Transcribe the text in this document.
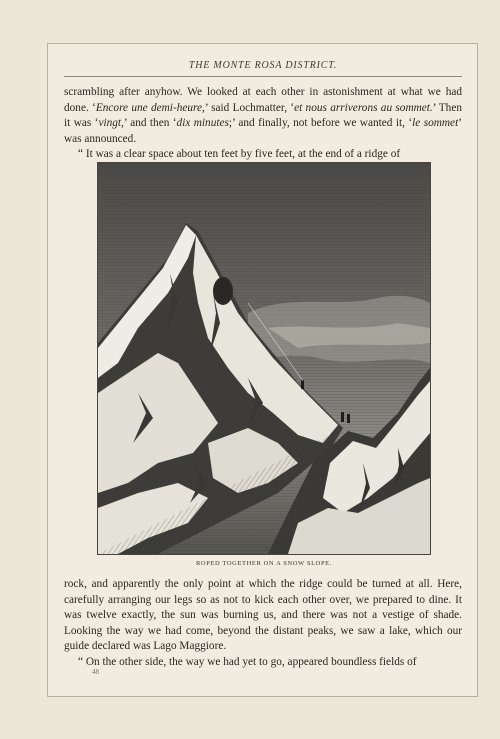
THE MONTE ROSA DISTRICT.

scrambling after anyhow. We looked at each other in astonishment at what we had done. ‘Encore une demi-heure,’ said Lochmatter, ‘et nous arriverons au sommet.’ Then it was ‘vingt,’ and then ‘dix minutes;’ and finally, not before we wanted it, ‘le sommet’ was announced.

“ It was a clear space about ten feet by five feet, at the end of a ridge of

ROPED TOGETHER ON A SNOW SLOPE.

rock, and apparently the only point at which the ridge could be turned at all. Here, carefully arranging our legs so as not to kick each other over, we prepared to dine. It was twelve exactly, the sun was burning us, and there was not a vestige of shade. Looking the way we had come, beyond the distant peaks, we saw a lake, which our guide declared was Lago Maggiore.

“ On the other side, the way we had yet to go, appeared boundless fields of

48
